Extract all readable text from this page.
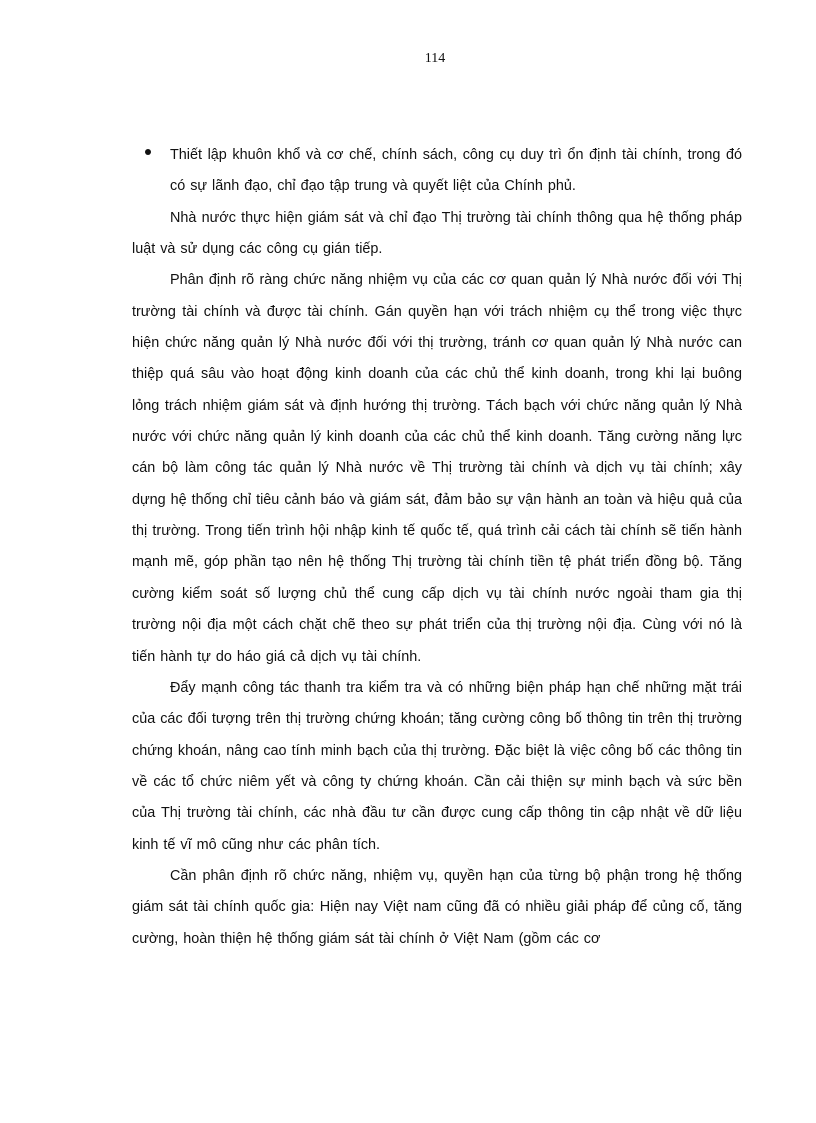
114

Thiết lập khuôn khổ và cơ chế, chính sách, công cụ duy trì ổn định tài chính, trong đó có sự lãnh đạo, chỉ đạo tập trung và quyết liệt của Chính phủ.

Nhà nước thực hiện giám sát và chỉ đạo Thị trường tài chính thông qua hệ thống pháp luật và sử dụng các công cụ gián tiếp.

Phân định rõ ràng chức năng nhiệm vụ của các cơ quan quản lý Nhà nước đối với Thị trường tài chính và được tài chính. Gán quyền hạn với trách nhiệm cụ thể trong việc thực hiện chức năng quản lý Nhà nước đối với thị trường, tránh cơ quan quản lý Nhà nước can thiệp quá sâu vào hoạt động kinh doanh của các chủ thể kinh doanh, trong khi lại buông lỏng trách nhiệm giám sát và định hướng thị trường. Tách bạch với chức năng quản lý Nhà nước với chức năng quản lý kinh doanh của các chủ thể kinh doanh. Tăng cường năng lực cán bộ làm công tác quản lý Nhà nước về Thị trường tài chính và dịch vụ tài chính; xây dựng hệ thống chỉ tiêu cảnh báo và giám sát, đảm bảo sự vận hành an toàn và hiệu quả của thị trường. Trong tiến trình hội nhập kinh tế quốc tế, quá trình cải cách tài chính sẽ tiến hành mạnh mẽ, góp phần tạo nên hệ thống Thị trường tài chính tiền tệ phát triển đồng bộ. Tăng cường kiểm soát số lượng chủ thể cung cấp dịch vụ tài chính nước ngoài tham gia thị trường nội địa một cách chặt chẽ theo sự phát triển của thị trường nội địa. Cùng với nó là tiến hành tự do háo giá cả dịch vụ tài chính.

Đẩy mạnh công tác thanh tra kiểm tra và có những biện pháp hạn chế những mặt trái của các đối tượng trên thị trường chứng khoán; tăng cường công bố thông tin trên thị trường chứng khoán, nâng cao tính minh bạch của thị trường. Đặc biệt là việc công bố các thông tin về các tổ chức niêm yết và công ty chứng khoán. Cần cải thiện sự minh bạch và sức bền của Thị trường tài chính, các nhà đầu tư cần được cung cấp thông tin cập nhật về dữ liệu kinh tế vĩ mô cũng như các phân tích.

Cần phân định rõ chức năng, nhiệm vụ, quyền hạn của từng bộ phận trong hệ thống giám sát tài chính quốc gia: Hiện nay Việt nam cũng đã có nhiều giải pháp để củng cố, tăng cường, hoàn thiện hệ thống giám sát tài chính ở Việt Nam (gồm các cơ
